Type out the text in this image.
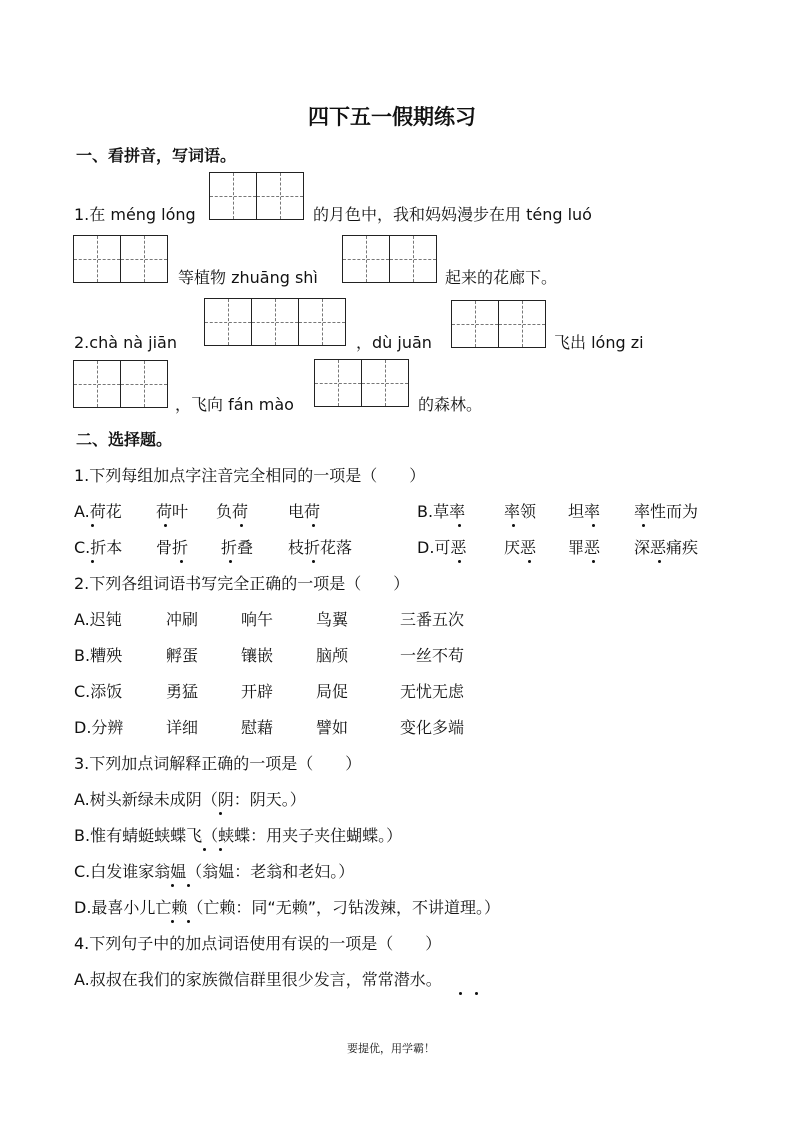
四下五一假期练习
一、看拼音，写词语。
1.在 méng lóng	的月色中，我和妈妈漫步在用 téng luó
等植物 zhuāng shì	起来的花廊下。
2.chà nà jiān	，dù juān	飞出 lóng zi
，飞向 fán mào	的森林。
二、选择题。
1.下列每组加点字注音完全相同的一项是（　　）
A.荷花 荷叶 负荷 电荷	B.草率 率领 坦率 率性而为
C.折本 骨折 折叠 枝折花落	D.可恶 厌恶 罪恶 深恶痛疾
2.下列各组词语书写完全正确的一项是（　　）
A.迟钝	冲刷	响午	鸟翼	三番五次
B.糟殃	孵蛋	镶嵌	脑颅	一丝不苟
C.添饭	勇猛	开辟	局促	无忧无虑
D.分辨	详细	慰藉	譬如	变化多端
3.下列加点词解释正确的一项是（　　）
A.树头新绿未成阴（阴：阴天。）
B.惟有蜻蜓蛱蝶飞（蛱蝶：用夹子夹住蝴蝶。）
C.白发谁家翁媪（翁媪：老翁和老妇。）
D.最喜小儿亡赖（亡赖：同“无赖”，刁钻泼辣，不讲道理。）
4.下列句子中的加点词语使用有误的一项是（　　）
A.叔叔在我们的家族微信群里很少发言，常常潜水。
要提优，用学霸！
